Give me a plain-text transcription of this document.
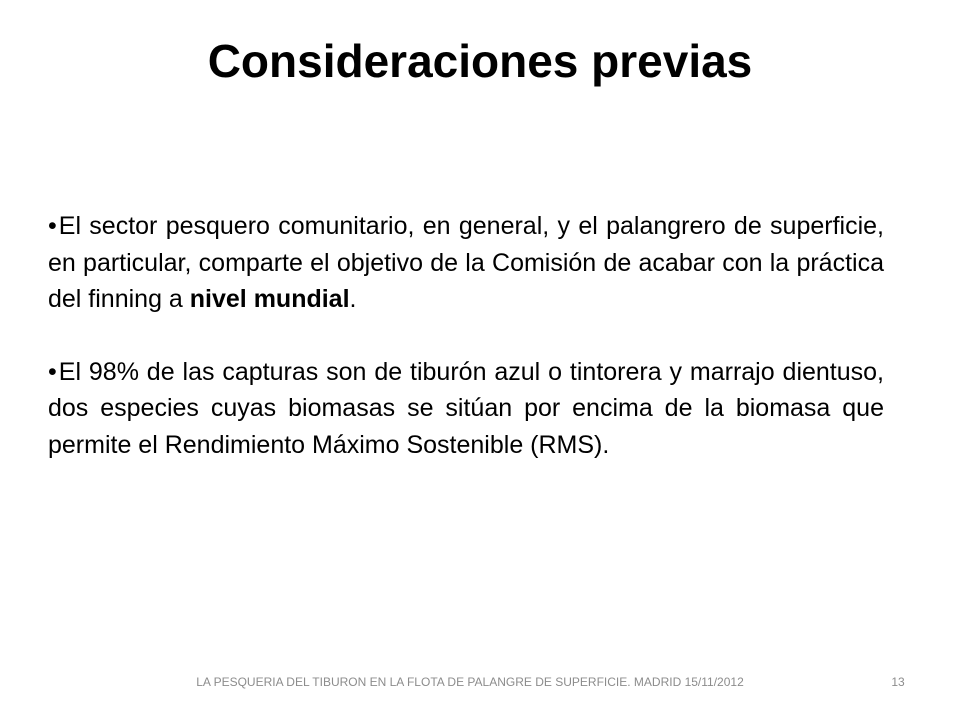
Consideraciones previas

•El sector pesquero comunitario, en general, y el palangrero de superficie, en particular, comparte el objetivo de la Comisión de acabar con la práctica del finning a nivel mundial.

•El 98% de las capturas son de tiburón azul o tintorera y marrajo dientuso, dos especies cuyas biomasas se sitúan por encima de la biomasa que permite el Rendimiento Máximo Sostenible (RMS).

LA PESQUERIA DEL TIBURON EN LA FLOTA DE PALANGRE DE SUPERFICIE. MADRID 15/11/2012	13
